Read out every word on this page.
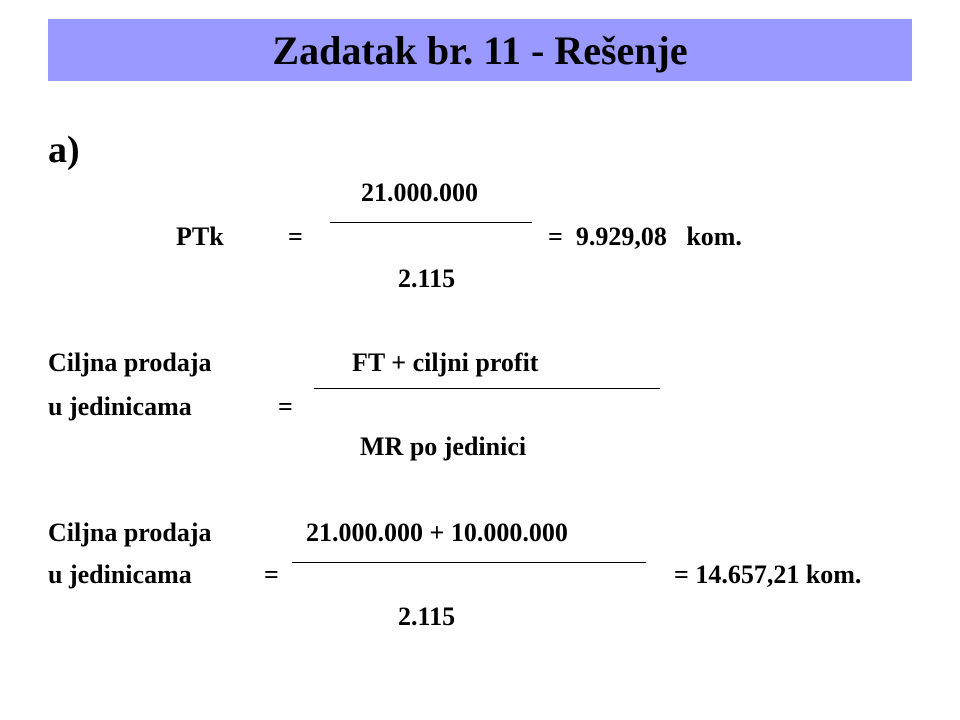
Zadatak br. 11 - Rešenje
a)
21.000.000
PTk =	=  9.929,08   kom.
2.115
Ciljna prodaja	FT + ciljni profit
u jedinicama	=
MR po jedinici
Ciljna prodaja	21.000.000 + 10.000.000
u jedinicama	=	= 14.657,21 kom.
2.115
